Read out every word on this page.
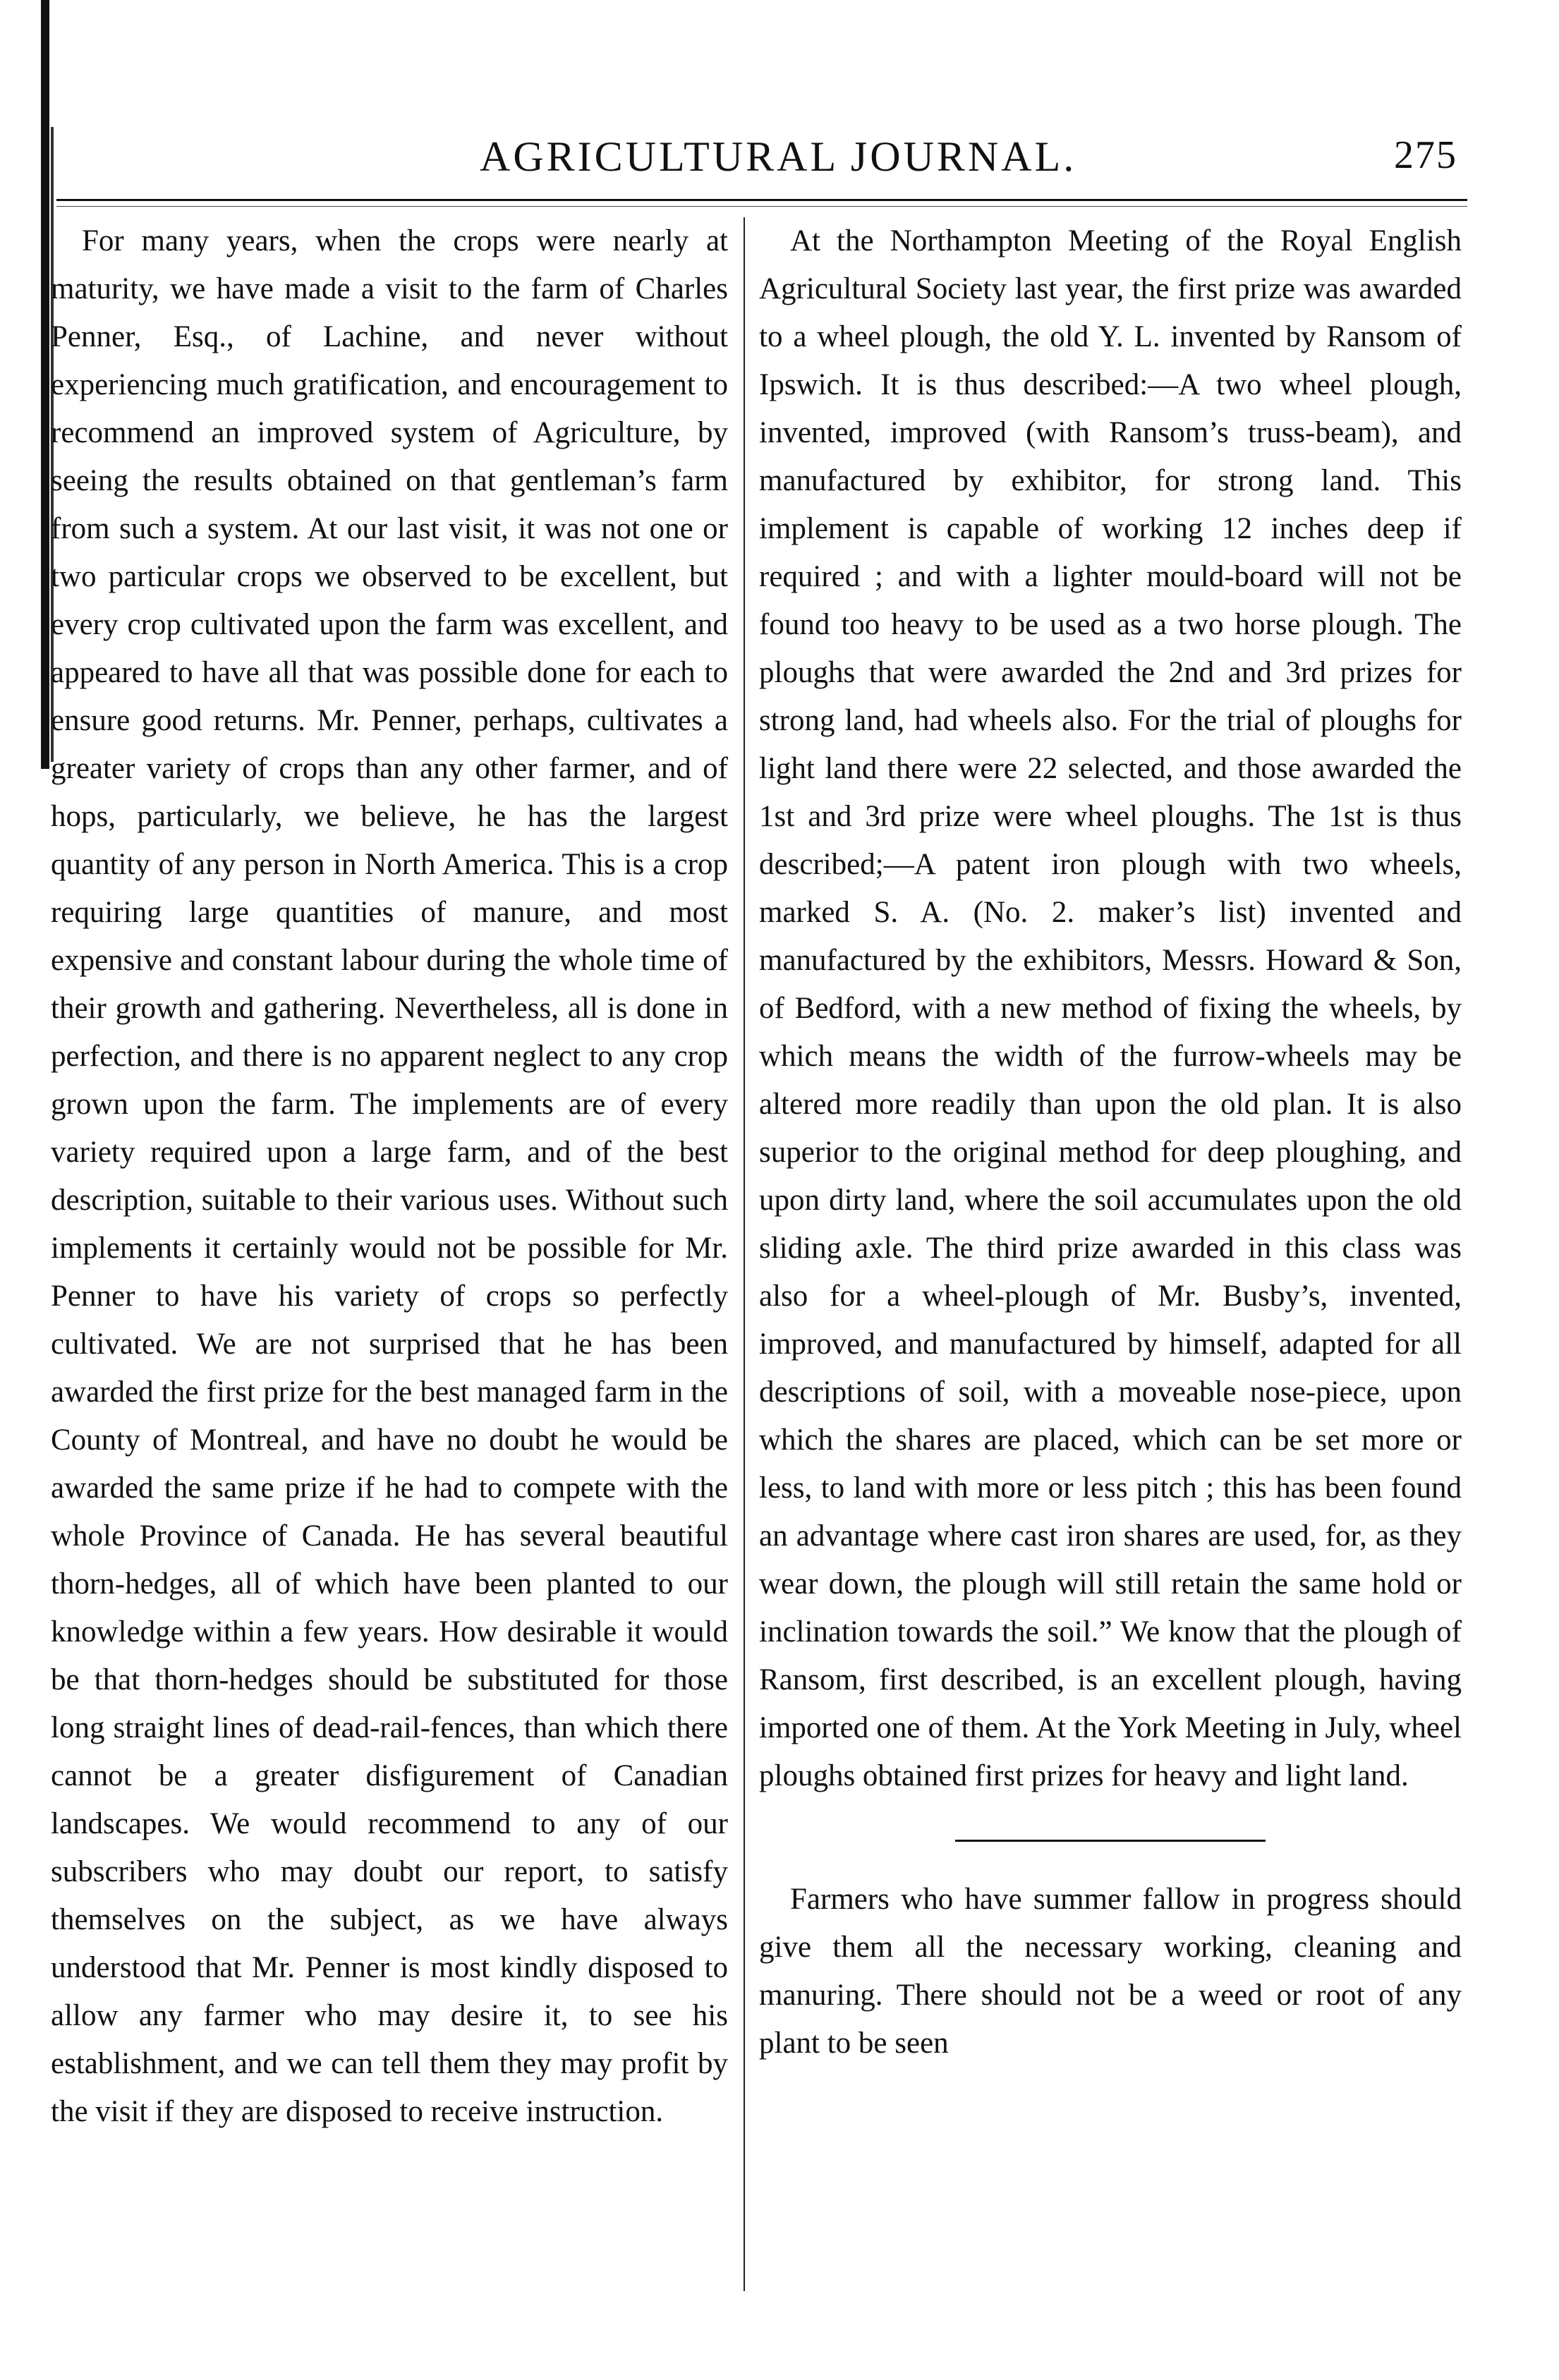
AGRICULTURAL JOURNAL.	275

For many years, when the crops were nearly at maturity, we have made a visit to the farm of Charles Penner, Esq., of Lachine, and never without experiencing much gratification, and encouragement to recommend an improved system of Agriculture, by seeing the results obtained on that gentleman’s farm from such a system. At our last visit, it was not one or two particular crops we observed to be excellent, but every crop cultivated upon the farm was excellent, and appeared to have all that was possible done for each to ensure good returns. Mr. Penner, perhaps, cultivates a greater variety of crops than any other farmer, and of hops, particularly, we believe, he has the largest quantity of any person in North America. This is a crop requiring large quantities of manure, and most expensive and constant labour during the whole time of their growth and gathering. Nevertheless, all is done in perfection, and there is no apparent neglect to any crop grown upon the farm. The implements are of every variety required upon a large farm, and of the best description, suitable to their various uses. Without such implements it certainly would not be possible for Mr. Penner to have his variety of crops so perfectly cultivated. We are not surprised that he has been awarded the first prize for the best managed farm in the County of Montreal, and have no doubt he would be awarded the same prize if he had to compete with the whole Province of Canada. He has several beautiful thorn-hedges, all of which have been planted to our knowledge within a few years. How desirable it would be that thorn-hedges should be substituted for those long straight lines of dead-rail-fences, than which there cannot be a greater disfigurement of Canadian landscapes. We would recommend to any of our subscribers who may doubt our report, to satisfy themselves on the subject, as we have always understood that Mr. Penner is most kindly disposed to allow any farmer who may desire it, to see his establishment, and we can tell them they may profit by the visit if they are disposed to receive instruction.

At the Northampton Meeting of the Royal English Agricultural Society last year, the first prize was awarded to a wheel plough, the old Y. L. invented by Ransom of Ipswich. It is thus described:—A two wheel plough, invented, improved (with Ransom’s truss-beam), and manufactured by exhibitor, for strong land. This implement is capable of working 12 inches deep if required ; and with a lighter mould-board will not be found too heavy to be used as a two horse plough. The ploughs that were awarded the 2nd and 3rd prizes for strong land, had wheels also. For the trial of ploughs for light land there were 22 selected, and those awarded the 1st and 3rd prize were wheel ploughs. The 1st is thus described;—A patent iron plough with two wheels, marked S. A. (No. 2. maker’s list) invented and manufactured by the exhibitors, Messrs. Howard & Son, of Bedford, with a new method of fixing the wheels, by which means the width of the furrow-wheels may be altered more readily than upon the old plan. It is also superior to the original method for deep ploughing, and upon dirty land, where the soil accumulates upon the old sliding axle. The third prize awarded in this class was also for a wheel-plough of Mr. Busby’s, invented, improved, and manufactured by himself, adapted for all descriptions of soil, with a moveable nose-piece, upon which the shares are placed, which can be set more or less, to land with more or less pitch ; this has been found an advantage where cast iron shares are used, for, as they wear down, the plough will still retain the same hold or inclination towards the soil.” We know that the plough of Ransom, first described, is an excellent plough, having imported one of them. At the York Meeting in July, wheel ploughs obtained first prizes for heavy and light land.

Farmers who have summer fallow in progress should give them all the necessary working, cleaning and manuring. There should not be a weed or root of any plant to be seen
